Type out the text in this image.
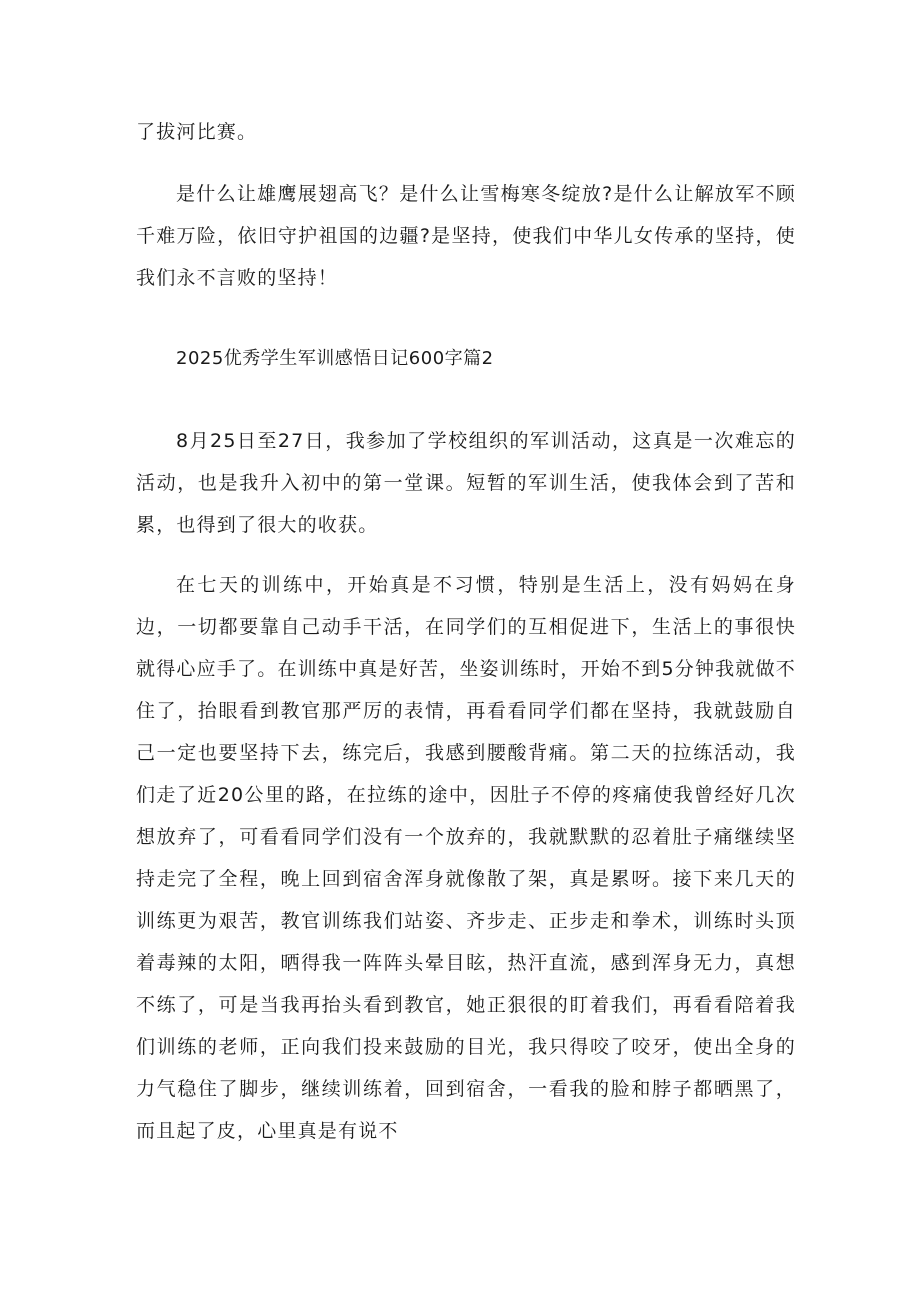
了拔河比赛。

是什么让雄鹰展翅高飞？是什么让雪梅寒冬绽放?是什么让解放军不顾千难万险，依旧守护祖国的边疆?是坚持，使我们中华儿女传承的坚持，使我们永不言败的坚持！

2025优秀学生军训感悟日记600字篇2

8月25日至27日，我参加了学校组织的军训活动，这真是一次难忘的活动，也是我升入初中的第一堂课。短暂的军训生活，使我体会到了苦和累，也得到了很大的收获。

在七天的训练中，开始真是不习惯，特别是生活上，没有妈妈在身边，一切都要靠自己动手干活，在同学们的互相促进下，生活上的事很快就得心应手了。在训练中真是好苦，坐姿训练时，开始不到5分钟我就做不住了，抬眼看到教官那严厉的表情，再看看同学们都在坚持，我就鼓励自己一定也要坚持下去，练完后，我感到腰酸背痛。第二天的拉练活动，我们走了近20公里的路，在拉练的途中，因肚子不停的疼痛使我曾经好几次想放弃了，可看看同学们没有一个放弃的，我就默默的忍着肚子痛继续坚持走完了全程，晚上回到宿舍浑身就像散了架，真是累呀。接下来几天的训练更为艰苦，教官训练我们站姿、齐步走、正步走和拳术，训练时头顶着毒辣的太阳，晒得我一阵阵头晕目眩，热汗直流，感到浑身无力，真想不练了，可是当我再抬头看到教官，她正狠很的盯着我们，再看看陪着我们训练的老师，正向我们投来鼓励的目光，我只得咬了咬牙，使出全身的力气稳住了脚步，继续训练着，回到宿舍，一看我的脸和脖子都晒黑了，而且起了皮，心里真是有说不
